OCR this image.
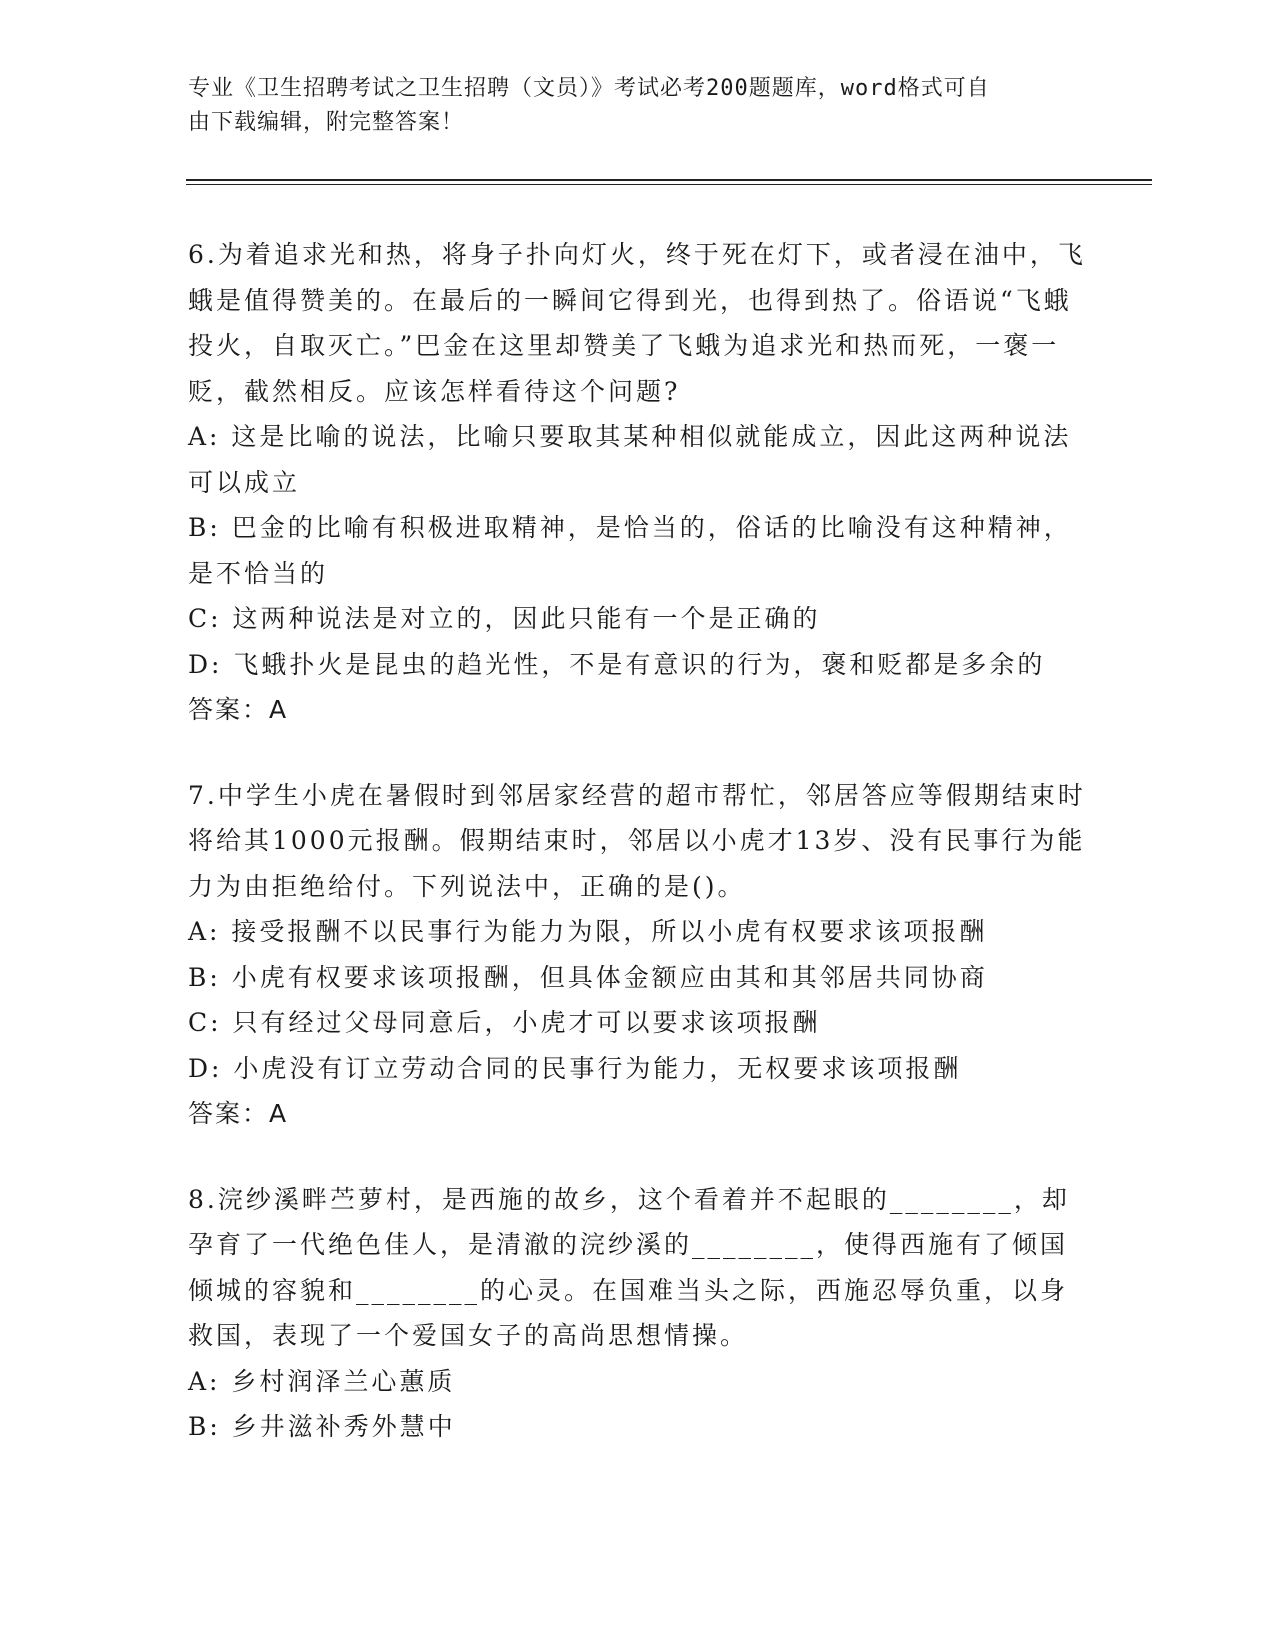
专业《卫生招聘考试之卫生招聘（文员）》考试必考200题题库，word格式可自
由下载编辑，附完整答案！

6.为着追求光和热，将身子扑向灯火，终于死在灯下，或者浸在油中，飞蛾是值得赞美的。在最后的一瞬间它得到光，也得到热了。俗语说“飞蛾投火，自取灭亡。”巴金在这里却赞美了飞蛾为追求光和热而死，一褒一贬，截然相反。应该怎样看待这个问题?

A: 这是比喻的说法，比喻只要取其某种相似就能成立，因此这两种说法可以成立

B: 巴金的比喻有积极进取精神，是恰当的，俗话的比喻没有这种精神，是不恰当的

C: 这两种说法是对立的，因此只能有一个是正确的

D: 飞蛾扑火是昆虫的趋光性，不是有意识的行为，褒和贬都是多余的

答案：A

7.中学生小虎在暑假时到邻居家经营的超市帮忙，邻居答应等假期结束时将给其1000元报酬。假期结束时，邻居以小虎才13岁、没有民事行为能力为由拒绝给付。下列说法中，正确的是()。

A: 接受报酬不以民事行为能力为限，所以小虎有权要求该项报酬

B: 小虎有权要求该项报酬，但具体金额应由其和其邻居共同协商

C: 只有经过父母同意后，小虎才可以要求该项报酬

D: 小虎没有订立劳动合同的民事行为能力，无权要求该项报酬

答案：A

8.浣纱溪畔苎萝村，是西施的故乡，这个看着并不起眼的________，却孕育了一代绝色佳人，是清澈的浣纱溪的________，使得西施有了倾国倾城的容貌和________的心灵。在国难当头之际，西施忍辱负重，以身救国，表现了一个爱国女子的高尚思想情操。

A: 乡村润泽兰心蕙质

B: 乡井滋补秀外慧中
